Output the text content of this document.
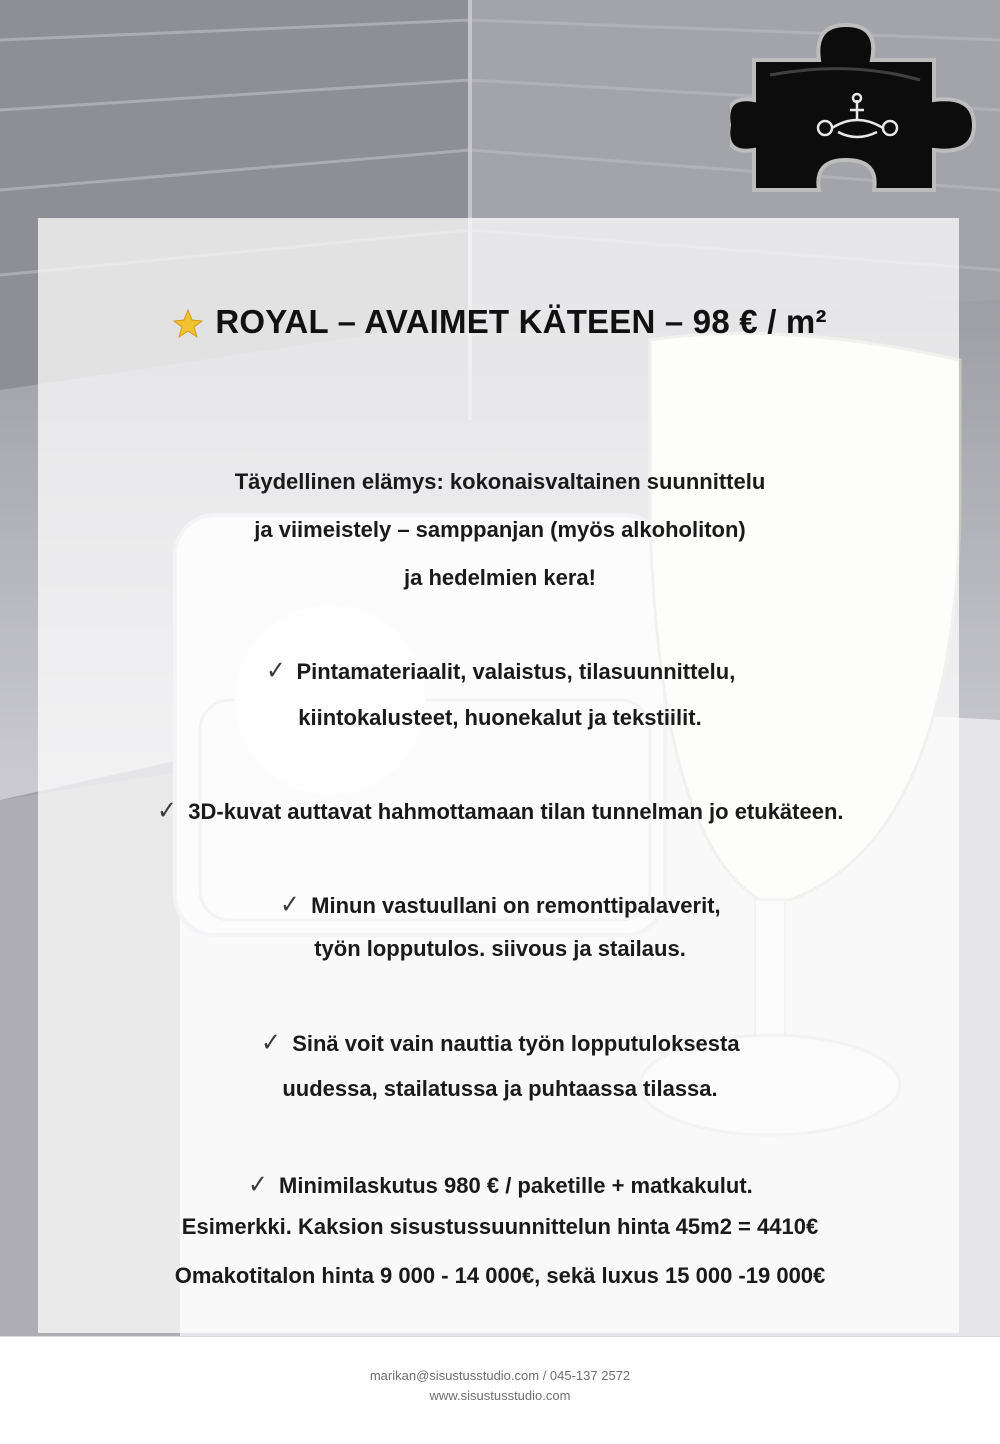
ROYAL – AVAIMET KÄTEEN – 98 € / m²
Täydellinen elämys: kokonaisvaltainen suunnittelu
ja viimeistely – samppanjan (myös alkoholiton)
ja hedelmien kera!
✓ Pintamateriaalit, valaistus, tilasuunnittelu,
kiintokalusteet, huonekalut ja tekstiilit.
✓ 3D-kuvat auttavat hahmottamaan tilan tunnelman jo etukäteen.
✓ Minun vastuullani on remonttipalaverit,
työn lopputulos. siivous ja stailaus.
✓ Sinä voit vain nauttia työn lopputuloksesta
uudessa, stailatussa ja puhtaassa tilassa.
✓ Minimilaskutus 980 € / paketille + matkakulut.
Esimerkki. Kaksion sisustussuunnittelun hinta 45m2 = 4410€
Omakotitalon hinta 9 000 - 14 000€, sekä luxus 15 000 -19 000€
marikan@sisustusstudio.com / 045-137 2572
www.sisustusstudio.com
